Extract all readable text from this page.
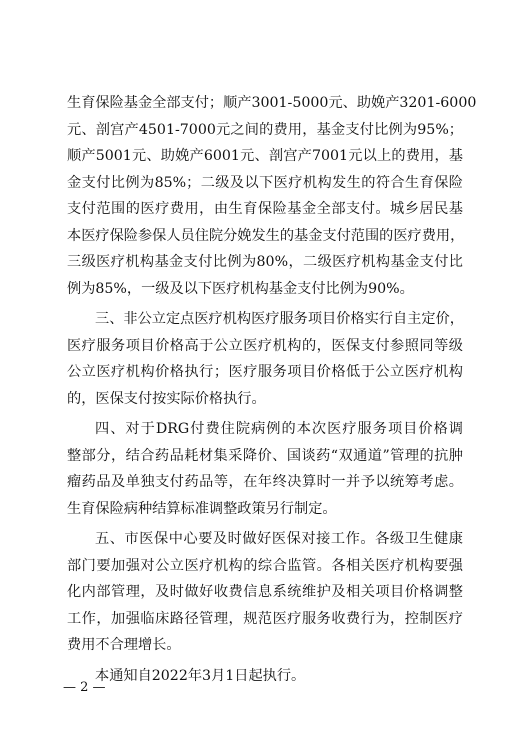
生育保险基金全部支付；顺产3001-5000元、助娩产3201-6000
元、剖宫产4501-7000元之间的费用，基金支付比例为95%；
顺产5001元、助娩产6001元、剖宫产7001元以上的费用，基
金支付比例为85%；二级及以下医疗机构发生的符合生育保险
支付范围的医疗费用，由生育保险基金全部支付。城乡居民基
本医疗保险参保人员住院分娩发生的基金支付范围的医疗费用，
三级医疗机构基金支付比例为80%，二级医疗机构基金支付比
例为85%，一级及以下医疗机构基金支付比例为90%。
三、非公立定点医疗机构医疗服务项目价格实行自主定价，
医疗服务项目价格高于公立医疗机构的，医保支付参照同等级
公立医疗机构价格执行；医疗服务项目价格低于公立医疗机构
的，医保支付按实际价格执行。
四、对于DRG付费住院病例的本次医疗服务项目价格调
整部分，结合药品耗材集采降价、国谈药“双通道”管理的抗肿
瘤药品及单独支付药品等，在年终决算时一并予以统筹考虑。
生育保险病种结算标准调整政策另行制定。
五、市医保中心要及时做好医保对接工作。各级卫生健康
部门要加强对公立医疗机构的综合监管。各相关医疗机构要强
化内部管理，及时做好收费信息系统维护及相关项目价格调整
工作，加强临床路径管理，规范医疗服务收费行为，控制医疗
费用不合理增长。
本通知自2022年3月1日起执行。
— 2 —
